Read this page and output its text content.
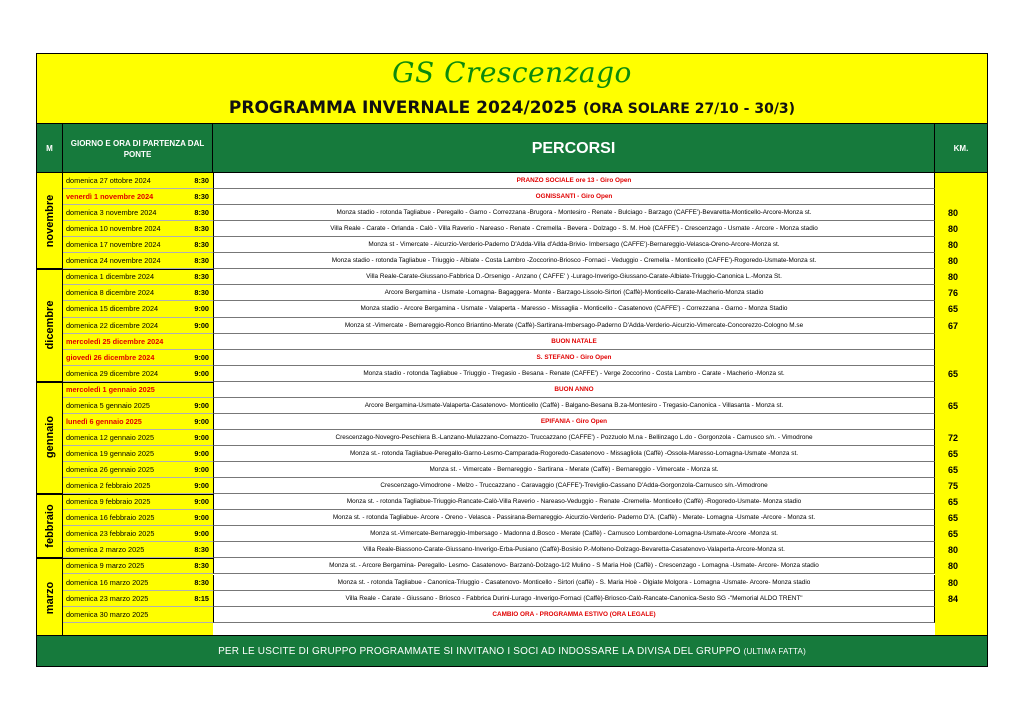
GS Crescenzago
PROGRAMMA INVERNALE 2024/2025 (ORA SOLARE 27/10 - 30/3)
M
GIORNO E ORA DI PARTENZA DAL PONTE	PERCORSI	KM.
domenica 27 ottobre 2024	8:30	PRANZO SOCIALE ore 13 - Giro Open
venerdì 1 novembre 2024	8:30	OGNISSANTI - Giro Open
domenica 3 novembre 2024	8:30	Monza stadio - rotonda Tagliabue - Peregallo - Garno - Correzzana -Brugora - Montesiro - Renate - Bulciago - Barzago (CAFFE')-Bevaretta-Monticello-Arcore-Monza st.	80
domenica 10 novembre 2024	8:30	Villa Reale - Carate - Orlanda - Calò - Villa Raverio - Nareaso - Renate - Cremella - Bevera - Dolzago - S. M. Hoè (CAFFE') - Crescenzago - Usmate - Arcore - Monza stadio	80
domenica 17 novembre 2024	8:30	Monza st - Vimercate - Aicurzio-Verderio-Paderno D'Adda-Villa d'Adda-Brivio- Imbersago (CAFFE')-Bernareggio-Velasca-Oreno-Arcore-Monza st.	80
domenica 24 novembre 2024	8:30	Monza stadio - rotonda Tagliabue - Triuggio - Albiate - Costa Lambro -Zoccorino-Briosco -Fornaci - Veduggio - Cremella - Monticello (CAFFE')-Rogoredo-Usmate-Monza st.	80
domenica 1 dicembre 2024	8:30	Villa Reale-Carate-Giussano-Fabbrica D.-Orsenigo - Anzano ( CAFFE' ) -Lurago-Inverigo-Giussano-Carate-Albiate-Triuggio-Canonica L.-Monza St.	80
domenica 8 dicembre 2024	8:30	Arcore Bergamina - Usmate -Lomagna- Bagaggera- Monte - Barzago-Lissolo-Sirtori (Caffè)-Monticello-Carate-Macherio-Monza stadio	76
domenica 15 dicembre 2024	9:00	Monza stadio - Arcore Bergamina - Usmate - Valaperta - Maresso - Missaglia - Monticello - Casatenovo (CAFFE') - Correzzana - Garno - Monza Stadio	65
domenica 22 dicembre 2024	9:00	Monza st -Vimercate - Bernareggio-Ronco Briantino-Merate (Caffè)-Sartirana-Imbersago-Paderno D'Adda-Verderio-Aicurzio-Vimercate-Concorezzo-Cologno M.se	67
mercoledì 25 dicembre 2024	BUON NATALE
giovedì 26 dicembre 2024	9:00	S. STEFANO - Giro Open
domenica 29 dicembre 2024	9:00	Monza stadio - rotonda Tagliabue - Triuggio - Tregasio - Besana - Renate (CAFFE') - Verge Zoccorino - Costa Lambro - Carate - Macherio -Monza st.	65
mercoledì 1 gennaio 2025	BUON ANNO
domenica 5 gennaio 2025	9:00	Arcore Bergamina-Usmate-Valaperta-Casatenovo- Monticello (Caffè) - Balgano-Besana B.za-Montesiro - Tregasio-Canonica - Villasanta - Monza st.	65
lunedì 6 gennaio 2025	9:00	EPIFANIA - Giro Open
domenica 12 gennaio 2025	9:00	Crescenzago-Novegro-Peschiera B.-Lanzano-Mulazzano-Comazzo- Truccazzano (CAFFE') - Pozzuolo M.na - Bellinzago L.do - Gorgonzola - Carnusco s/n. - Vimodrone	72
domenica 19 gennaio 2025	9:00	Monza st.- rotonda Tagliabue-Peregallo-Garno-Lesmo-Camparada-Rogoredo-Casatenovo - Missagliola (Caffè) -Ossola-Maresso-Lomagna-Usmate -Monza st.	65
domenica 26 gennaio 2025	9:00	Monza st. - Vimercate - Bernareggio - Sartirana - Merate (Caffè) - Bernareggio - Vimercate - Monza st.	65
domenica 2 febbraio 2025	9:00	Crescenzago-Vimodrone - Melzo - Truccazzano - Caravaggio (CAFFE')-Treviglio-Cassano D'Adda-Gorgonzola-Carnusco s/n.-Vimodrone	75
domenica 9 febbraio 2025	9:00	Monza st. - rotonda Tagliabue-Triuggio-Rancate-Calò-Villa Raverio - Nareaso-Veduggio - Renate -Cremella- Monticello (Caffè) -Rogoredo-Usmate- Monza stadio	65
domenica 16 febbraio 2025	9:00	Monza st. - rotonda Tagliabue- Arcore - Oreno - Velasca - Passirana-Bernareggio- Aicurzio-Verderio- Paderno D'A. (Caffè) - Merate- Lomagna -Usmate -Arcore - Monza st.	65
domenica 23 febbraio 2025	9:00	Monza st.-Vimercate-Bernareggio-Imbersago - Madonna d.Bosco - Merate (Caffè) - Carnusco Lombardone-Lomagna-Usmate-Arcore -Monza st.	65
domenica 2 marzo 2025	8:30	Villa Reale-Biassono-Carate-Giussano-Inverigo-Erba-Pusiano (Caffè)-Bosisio P.-Molteno-Dolzago-Bevaretta-Casatenovo-Valaperta-Arcore-Monza st.	80
domenica 9 marzo 2025	8:30	Monza st. - Arcore Bergamina- Peregallo- Lesmo- Casatenovo- Barzanò-Dolzago-1/2 Mulino - S Maria Hoè (Caffè) - Crescenzago - Lomagna -Usmate- Arcore- Monza stadio	80
domenica 16 marzo 2025	8:30	Monza st. - rotonda Tagliabue - Canonica-Triuggio - Casatenovo- Monticello - Sirtori (caffè) - S. Maria Hoè - Olgiate Molgora - Lomagna -Usmate- Arcore- Monza stadio	80
domenica 23 marzo 2025	8:15	Villa Reale - Carate - Giussano - Briosco - Fabbrica Durini-Lurago -Inverigo-Fornaci (Caffè)-Briosco-Calò-Rancate-Canonica-Sesto SG -"Memorial ALDO TRENT"	84
domenica 30 marzo 2025	CAMBIO ORA - PROGRAMMA ESTIVO (ORA LEGALE)
novembre
dicembre
gennaio
febbraio
marzo
PER LE USCITE DI GRUPPO PROGRAMMATE SI INVITANO I SOCI AD INDOSSARE LA DIVISA DEL GRUPPO (ULTIMA FATTA)
